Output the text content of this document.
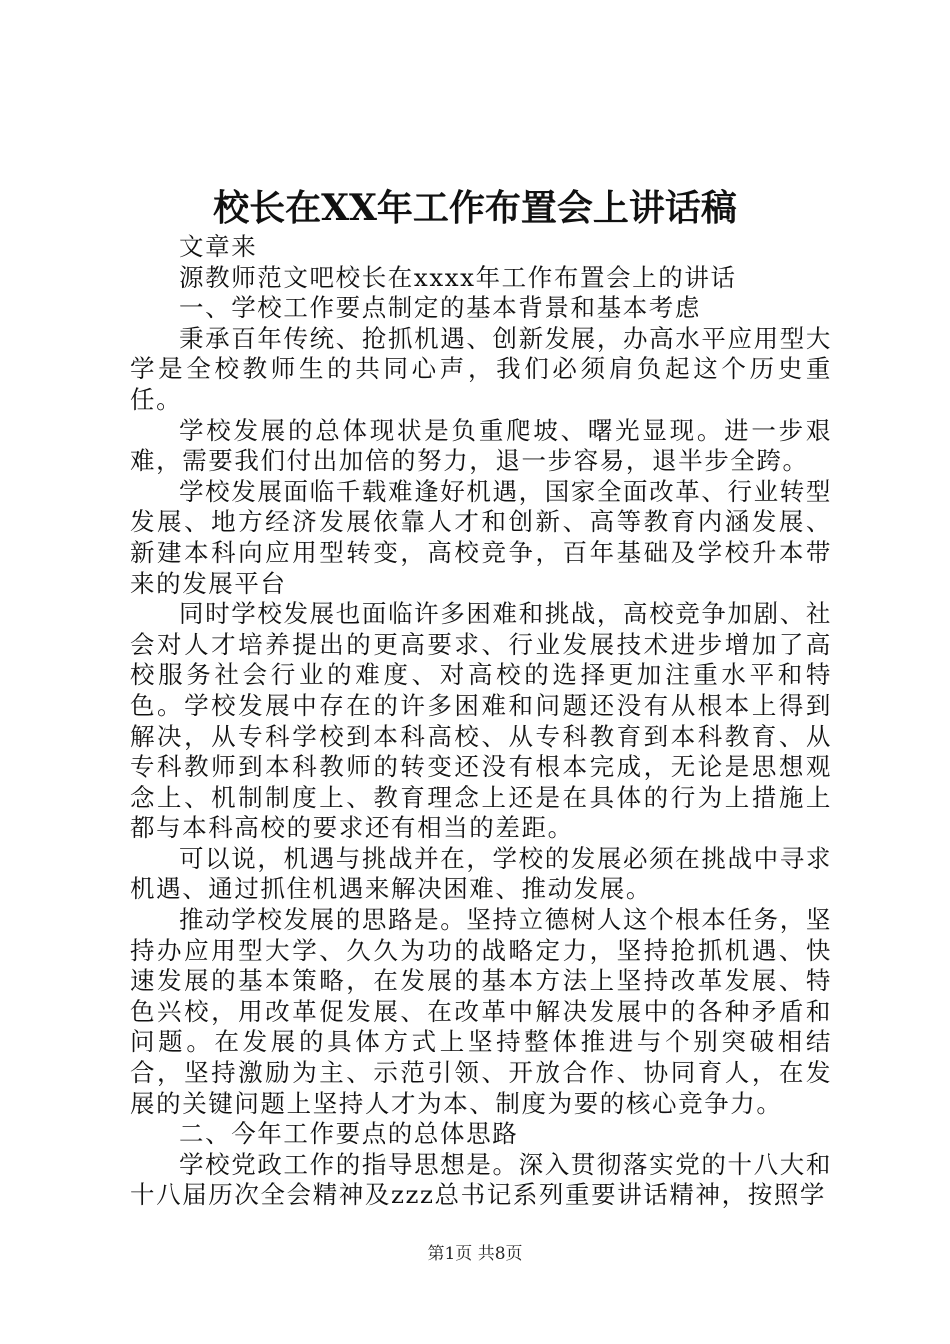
校长在XX年工作布置会上讲话稿

文章来

源教师范文吧校长在xxxx年工作布置会上的讲话

一、学校工作要点制定的基本背景和基本考虑

秉承百年传统、抢抓机遇、创新发展，办高水平应用型大学是全校教师生的共同心声，我们必须肩负起这个历史重任。

学校发展的总体现状是负重爬坡、曙光显现。进一步艰难，需要我们付出加倍的努力，退一步容易，退半步全跨。

学校发展面临千载难逢好机遇，国家全面改革、行业转型发展、地方经济发展依靠人才和创新、高等教育内涵发展、新建本科向应用型转变，高校竞争，百年基础及学校升本带来的发展平台

同时学校发展也面临许多困难和挑战，高校竞争加剧、社会对人才培养提出的更高要求、行业发展技术进步增加了高校服务社会行业的难度、对高校的选择更加注重水平和特色。学校发展中存在的许多困难和问题还没有从根本上得到解决，从专科学校到本科高校、从专科教育到本科教育、从专科教师到本科教师的转变还没有根本完成，无论是思想观念上、机制制度上、教育理念上还是在具体的行为上措施上都与本科高校的要求还有相当的差距。

可以说，机遇与挑战并在，学校的发展必须在挑战中寻求机遇、通过抓住机遇来解决困难、推动发展。

推动学校发展的思路是。坚持立德树人这个根本任务，坚持办应用型大学、久久为功的战略定力，坚持抢抓机遇、快速发展的基本策略，在发展的基本方法上坚持改革发展、特色兴校，用改革促发展、在改革中解决发展中的各种矛盾和问题。在发展的具体方式上坚持整体推进与个别突破相结合，坚持激励为主、示范引领、开放合作、协同育人，在发展的关键问题上坚持人才为本、制度为要的核心竞争力。

二、今年工作要点的总体思路

学校党政工作的指导思想是。深入贯彻落实党的十八大和十八届历次全会精神及zzz总书记系列重要讲话精神，按照学

第1页 共8页
